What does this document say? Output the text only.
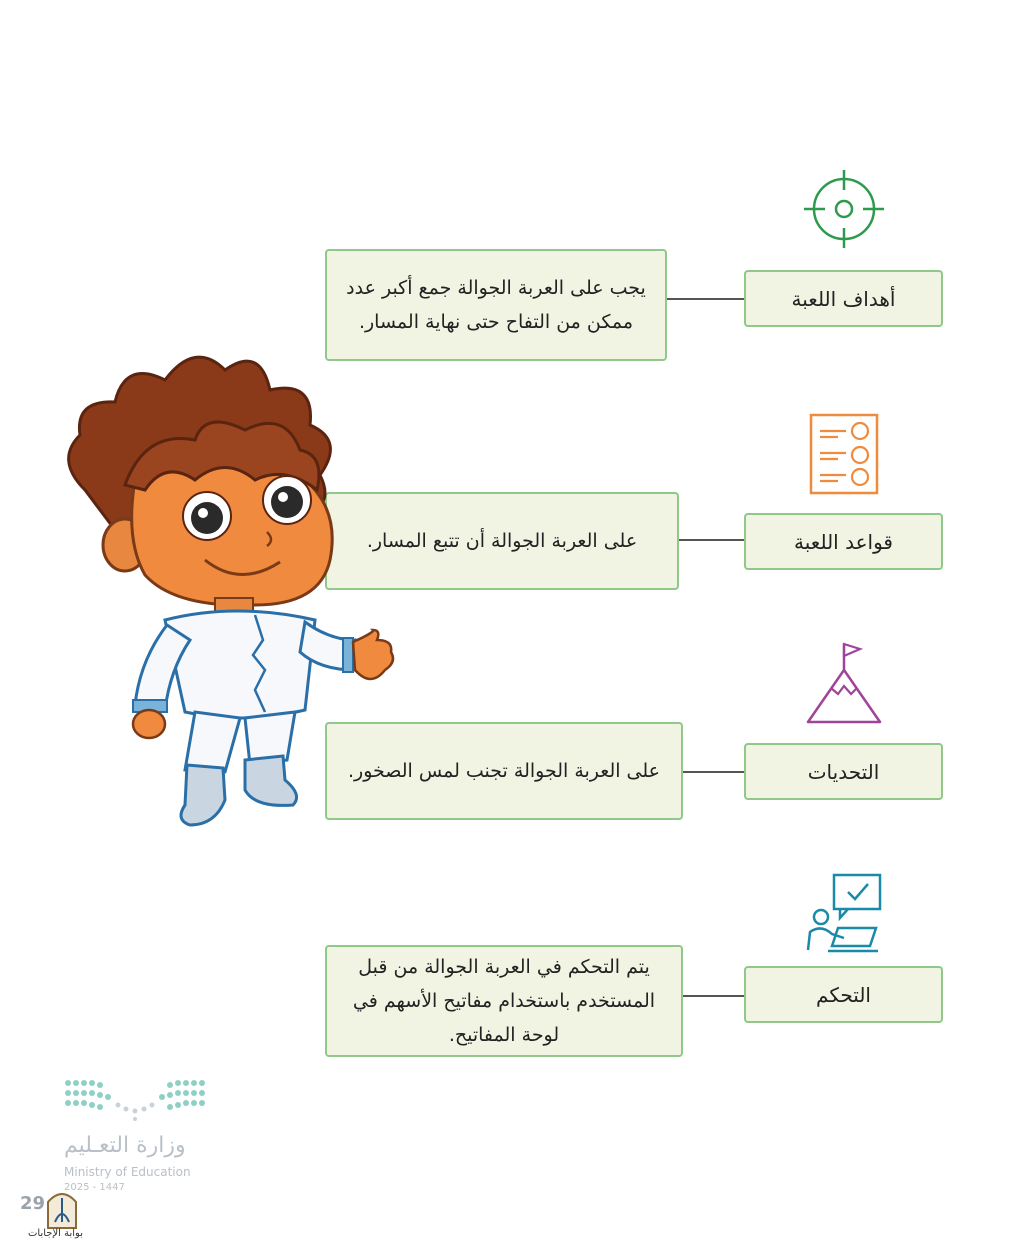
يجب على العربة الجوالة جمع أكبر عدد ممكن من التفاح حتى نهاية المسار.
أهداف اللعبة
على العربة الجوالة أن تتبع المسار.	قواعد اللعبة
على العربة الجوالة تجنب لمس الصخور.	التحديات
يتم التحكم في العربة الجوالة من قبل المستخدم باستخدام مفاتيح الأسهم في لوحة المفاتيح.
التحكم
وزارة التعـليم
Ministry of Education
2025 - 1447
29
بوابة الإجابات
